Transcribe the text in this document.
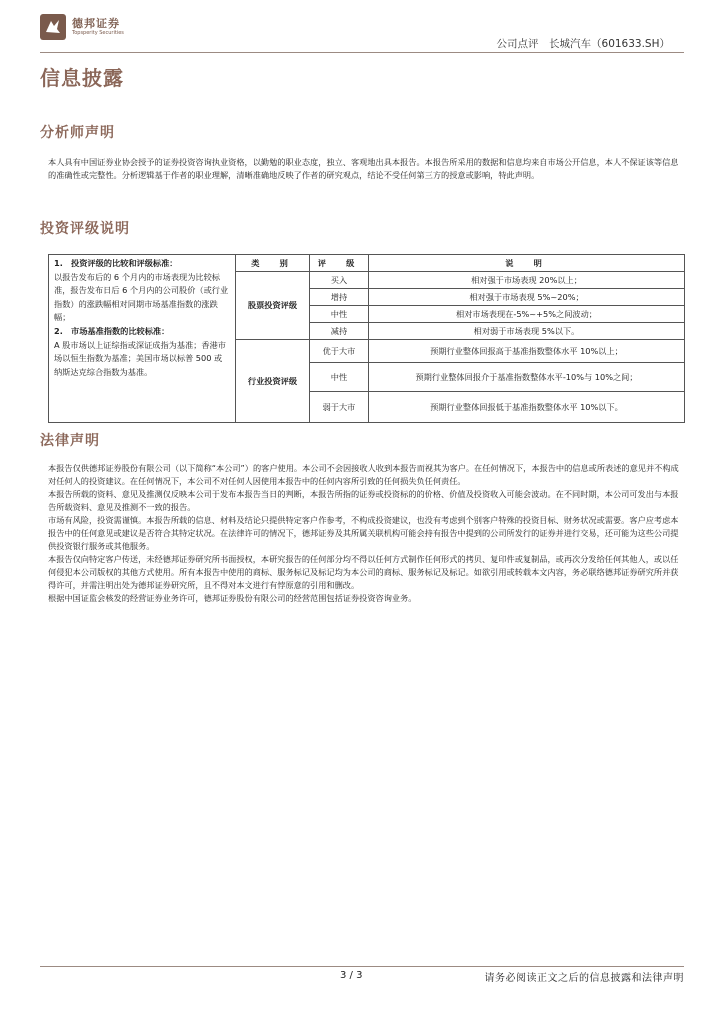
德邦证券
Topsperity Securities
公司点评　 长城汽车（601633.SH）
信息披露
分析师声明
本人具有中国证券业协会授予的证券投资咨询执业资格，以勤勉的职业态度，独立、客观地出具本报告。本报告所采用的数据和信息均来自市场公开信息，本人不保证该等信息的准确性或完整性。分析逻辑基于作者的职业理解，清晰准确地反映了作者的研究观点，结论不受任何第三方的授意或影响，特此声明。
投资评级说明
1.　 投资评级的比较和评级标准：
以报告发布后的 6 个月内的市场表现为比较标准，报告发布日后 6 个月内的公司股价（或行业指数）的涨跌幅相对同期市场基准指数的涨跌幅；
2.　 市场基准指数的比较标准：
A 股市场以上证综指或深证成指为基准；香港市场以恒生指数为基准；美国市场以标普 500 或纳斯达克综合指数为基准。	类　别	评　级	说　明
	股票投资评级	买入	相对强于市场表现 20%以上；
		增持	相对强于市场表现 5%~20%；
		中性	相对市场表现在-5%~+5%之间波动；
		减持	相对弱于市场表现 5%以下。
	行业投资评级	优于大市	预期行业整体回报高于基准指数整体水平 10%以上；
		中性	预期行业整体回报介于基准指数整体水平-10%与 10%之间；

		弱于大市	预期行业整体回报低于基准指数整体水平 10%以下。
法律声明

本报告仅供德邦证券股份有限公司（以下简称“本公司”）的客户使用。本公司不会因接收人收到本报告而视其为客户。在任何情况下，本报告中的信息或所表述的意见并不构成对任何人的投资建议。在任何情况下，本公司不对任何人因使用本报告中的任何内容所引致的任何损失负任何责任。

本报告所载的资料、意见及推测仅反映本公司于发布本报告当日的判断，本报告所指的证券或投资标的的价格、价值及投资收入可能会波动。在不同时期，本公司可发出与本报告所载资料、意见及推测不一致的报告。

市场有风险，投资需谨慎。本报告所载的信息、材料及结论只提供特定客户作参考，不构成投资建议，也没有考虑到个别客户特殊的投资目标、财务状况或需要。客户应考虑本报告中的任何意见或建议是否符合其特定状况。在法律许可的情况下，德邦证券及其所属关联机构可能会持有报告中提到的公司所发行的证券并进行交易，还可能为这些公司提供投资银行服务或其他服务。

本报告仅向特定客户传送，未经德邦证券研究所书面授权，本研究报告的任何部分均不得以任何方式制作任何形式的拷贝、复印件或复制品，或再次分发给任何其他人，或以任何侵犯本公司版权的其他方式使用。所有本报告中使用的商标、服务标记及标记均为本公司的商标、服务标记及标记。如欲引用或转载本文内容，务必联络德邦证券研究所并获得许可，并需注明出处为德邦证券研究所，且不得对本文进行有悖原意的引用和删改。

根据中国证监会核发的经营证券业务许可，德邦证券股份有限公司的经营范围包括证券投资咨询业务。

3 / 3	请务必阅读正文之后的信息披露和法律声明
